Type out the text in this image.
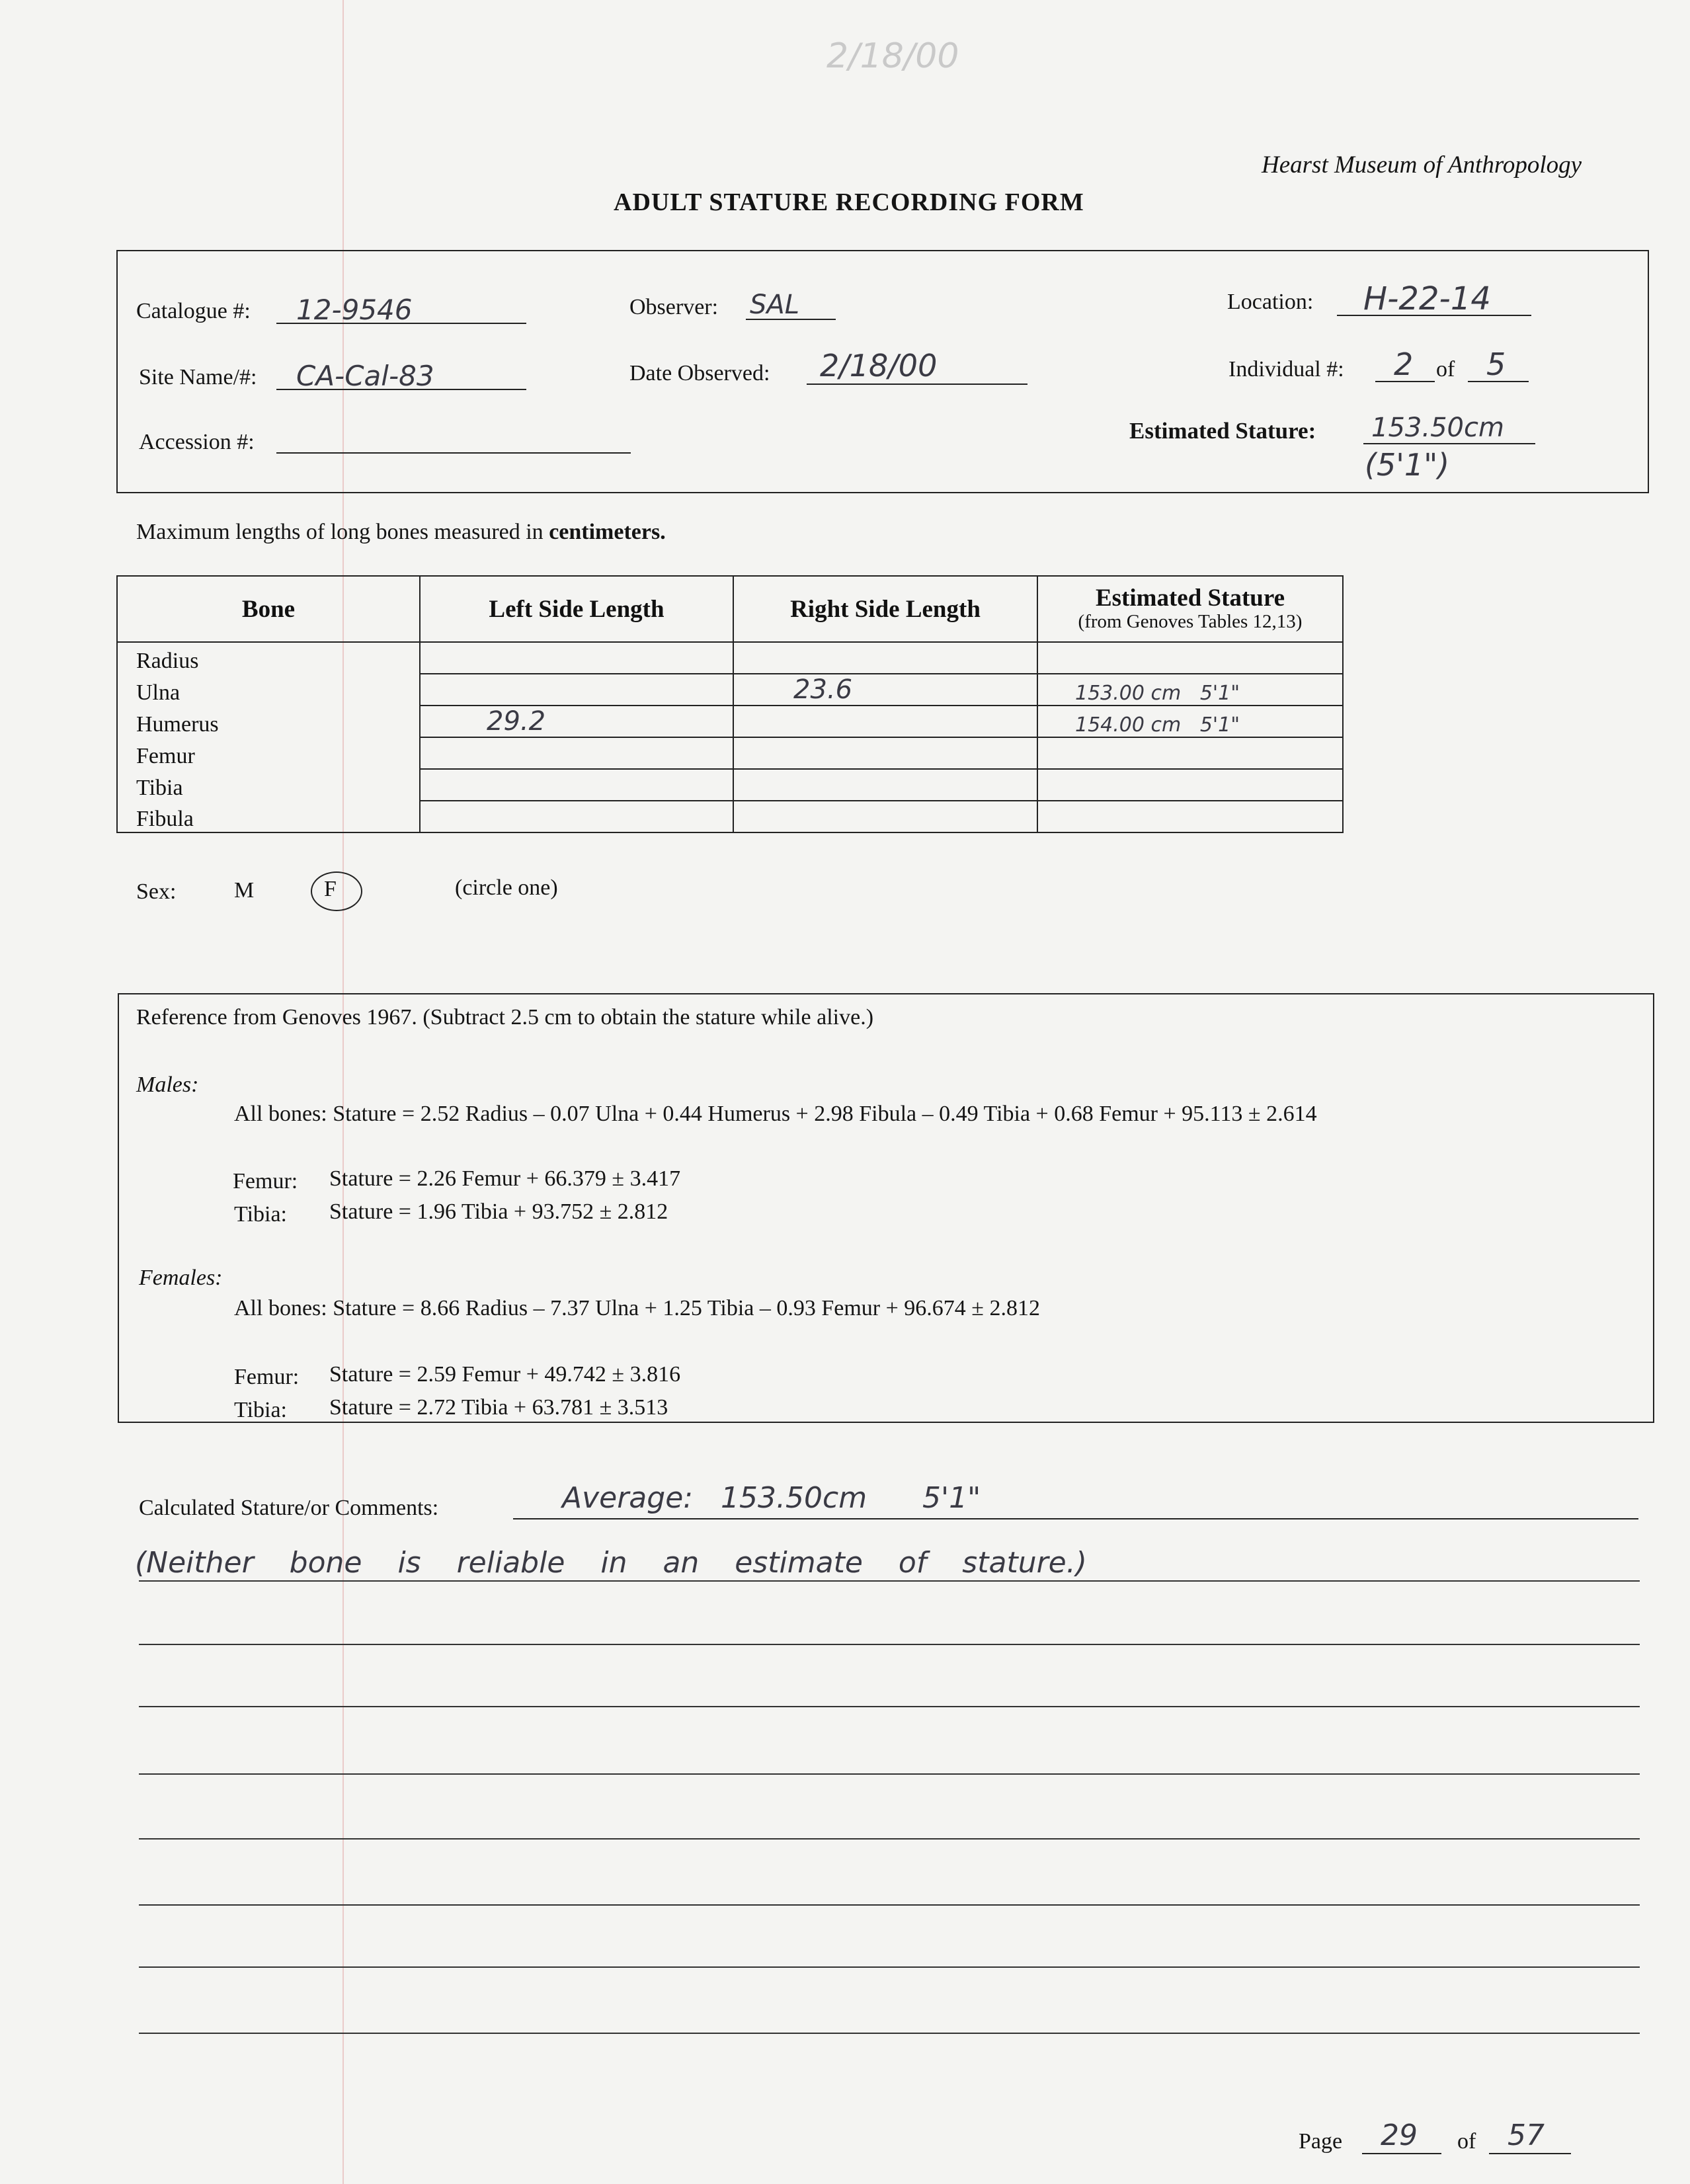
2/18/00
Hearst Museum of Anthropology
ADULT STATURE RECORDING FORM
Catalogue #: 12-9546	Observer: SAL	Location: H-22-14
Site Name/#: CA-Cal-83	Date Observed: 2/18/00	Individual #: 2 of 5
Accession #:	Estimated Stature: 153.50cm
(5'1")
Maximum lengths of long bones measured in centimeters.
Bone	Left Side Length	Right Side Length	Estimated Stature
(from Genoves Tables 12,13)

Radius			
Ulna		23.6	153.00 cm   5'1"
Humerus	29.2		154.00 cm   5'1"
Femur			
Tibia			
Fibula			
Sex:	M	F	(circle one)
Reference from Genoves 1967. (Subtract 2.5 cm to obtain the stature while alive.)
Males:
All bones: Stature = 2.52 Radius – 0.07 Ulna + 0.44 Humerus + 2.98 Fibula – 0.49 Tibia + 0.68 Femur + 95.113 ± 2.614
Femur: Stature = 2.26 Femur + 66.379 ± 3.417
Tibia: Stature = 1.96 Tibia + 93.752 ± 2.812
Females:
All bones: Stature = 8.66 Radius – 7.37 Ulna + 1.25 Tibia – 0.93 Femur + 96.674 ± 2.812
Femur: Stature = 2.59 Femur + 49.742 ± 3.816
Tibia: Stature = 2.72 Tibia + 63.781 ± 3.513
Calculated Stature/or Comments:	Average:   153.50cm      5'1"
(Neither bone is reliable in an estimate of stature.)
Page 29 of 57
